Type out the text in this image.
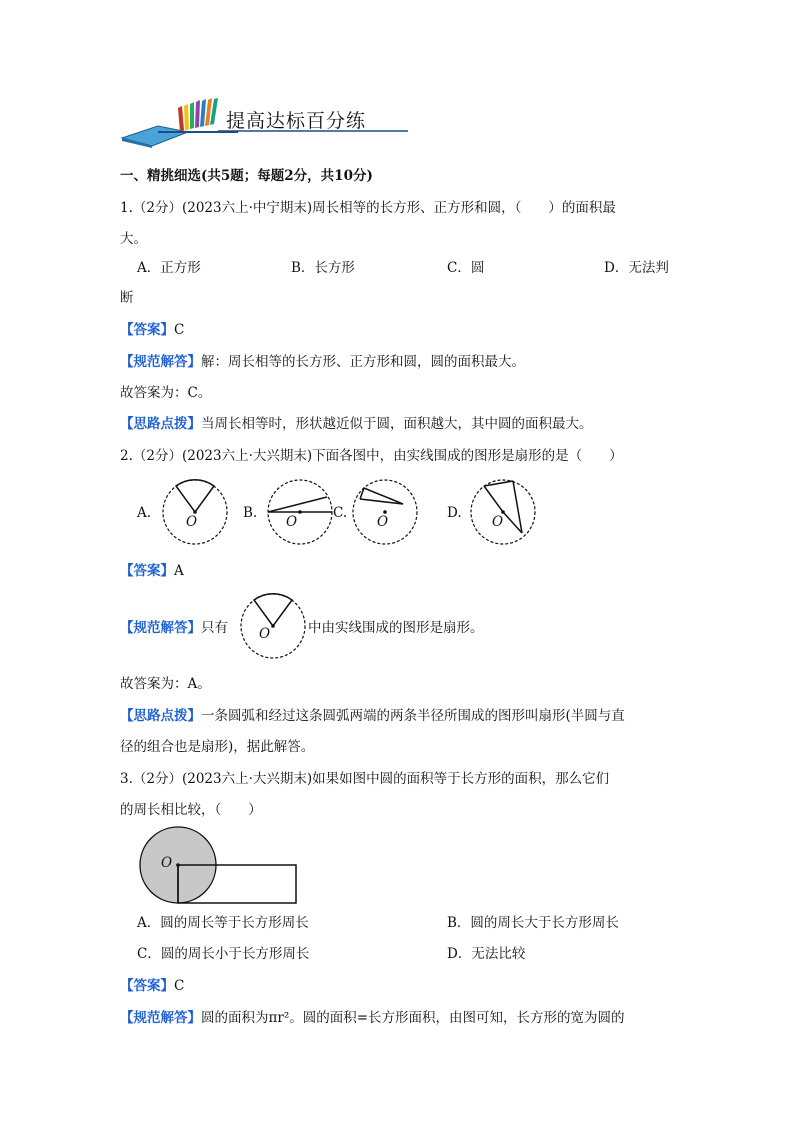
提高达标百分练
一、精挑细选(共5题；每题2分，共10分)
1.（2分）(2023六上·中宁期末)周长相等的长方形、正方形和圆，（　　）的面积最
大。
A．正方形	B．长方形	C．圆	D．无法判
断
【答案】C
【规范解答】解：周长相等的长方形、正方形和圆，圆的面积最大。
故答案为：C。
【思路点拨】当周长相等时，形状越近似于圆，面积越大，其中圆的面积最大。
2.（2分）(2023六上·大兴期末)下面各图中，由实线围成的图形是扇形的是（　　）
A.
O
B.
O
C.
O
D.
O
【答案】A
【规范解答】只有 O	中由实线围成的图形是扇形。
故答案为：A。
【思路点拨】一条圆弧和经过这条圆弧两端的两条半径所围成的图形叫扇形(半圆与直
径的组合也是扇形)，据此解答。
3.（2分）(2023六上·大兴期末)如果如图中圆的面积等于长方形的面积，那么它们
的周长相比较，（　　）
O
A．圆的周长等于长方形周长	B．圆的周长大于长方形周长
C．圆的周长小于长方形周长	D．无法比较
【答案】C
【规范解答】圆的面积为πr²。圆的面积=长方形面积，由图可知，长方形的宽为圆的
